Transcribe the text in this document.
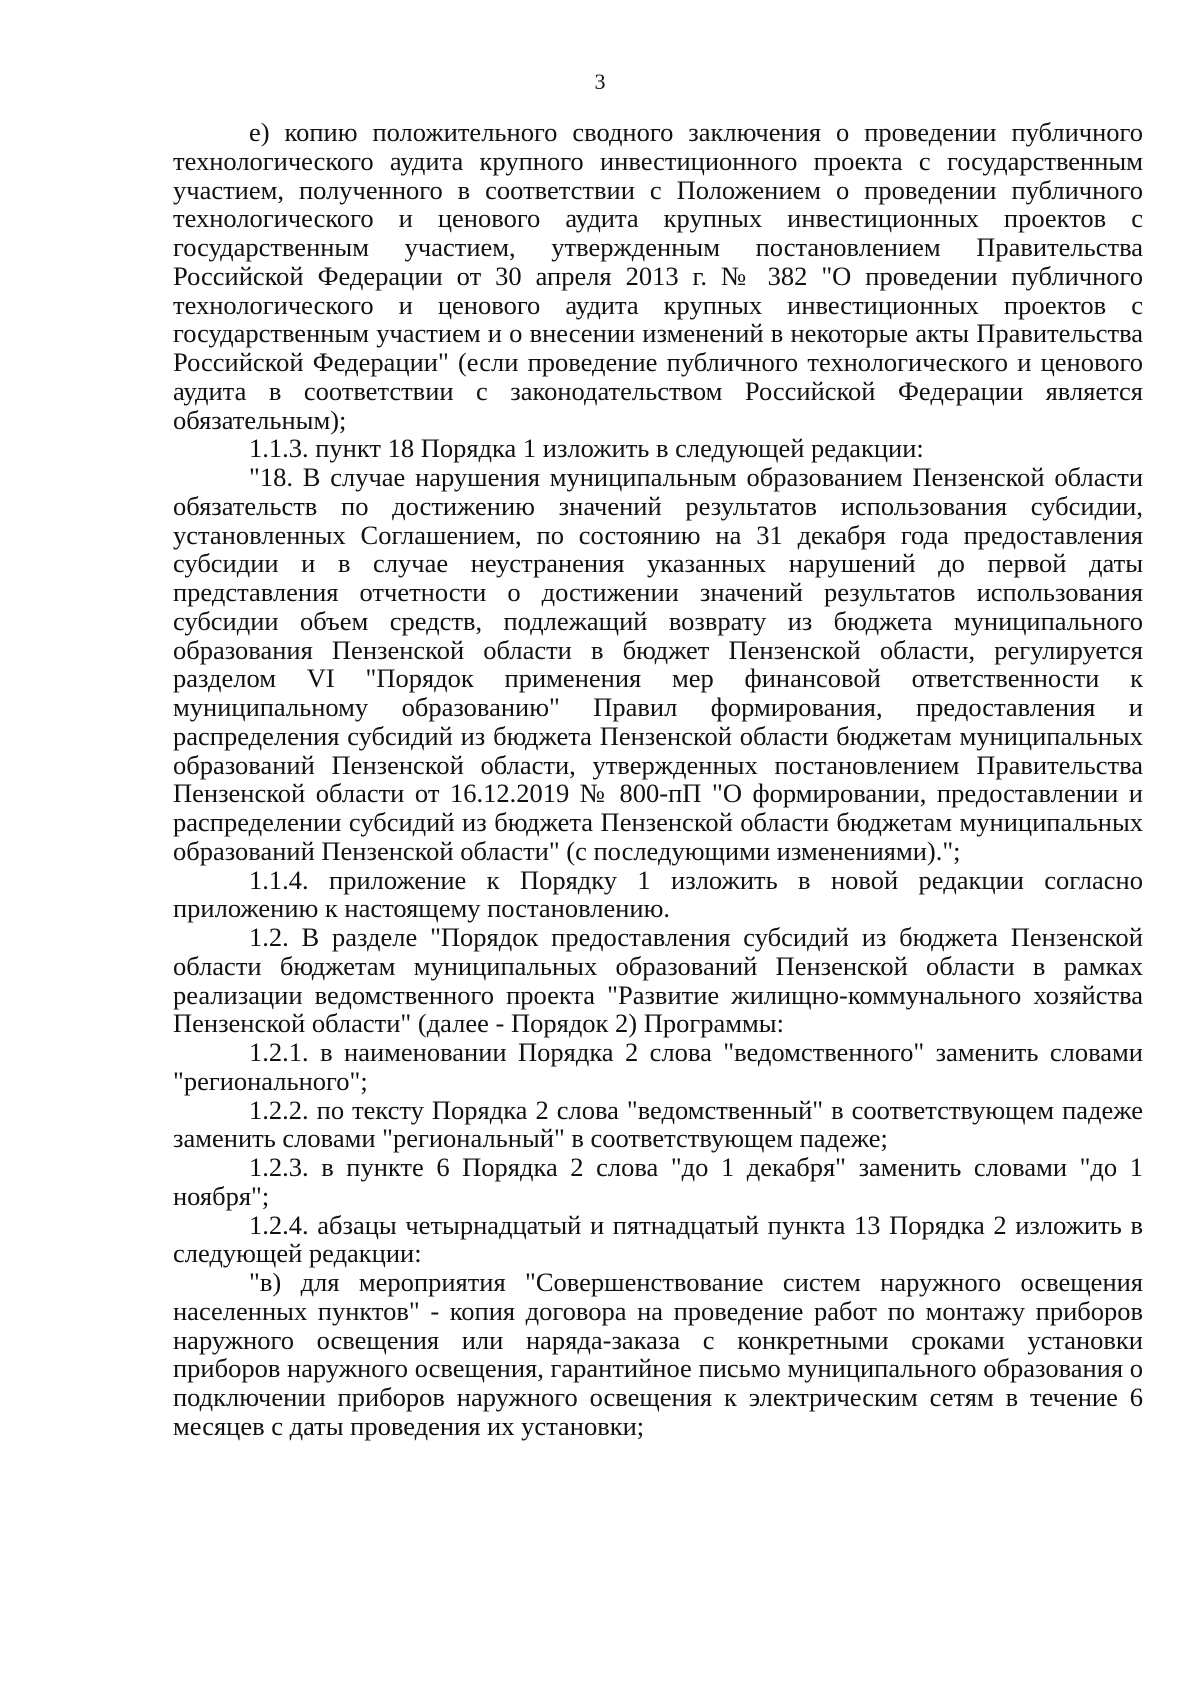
3

е) копию положительного сводного заключения о проведении публичного технологического аудита крупного инвестиционного проекта с государственным участием, полученного в соответствии с Положением о проведении публичного технологического и ценового аудита крупных инвестиционных проектов с государственным участием, утвержденным постановлением Правительства Российской Федерации от 30 апреля 2013 г. № 382 "О проведении публичного технологического и ценового аудита крупных инвестиционных проектов с государственным участием и о внесении изменений в некоторые акты Правительства Российской Федерации" (если проведение публичного технологического и ценового аудита в соответствии с законодательством Российской Федерации является обязательным);

1.1.3. пункт 18 Порядка 1 изложить в следующей редакции:

"18. В случае нарушения муниципальным образованием Пензенской области обязательств по достижению значений результатов использования субсидии, установленных Соглашением, по состоянию на 31 декабря года предоставления субсидии и в случае неустранения указанных нарушений до первой даты представления отчетности о достижении значений результатов использования субсидии объем средств, подлежащий возврату из бюджета муниципального образования Пензенской области в бюджет Пензенской области, регулируется разделом VI "Порядок применения мер финансовой ответственности к муниципальному образованию" Правил формирования, предоставления и распределения субсидий из бюджета Пензенской области бюджетам муниципальных образований Пензенской области, утвержденных постановлением Правительства Пензенской области от 16.12.2019 № 800-пП "О формировании, предоставлении и распределении субсидий из бюджета Пензенской области бюджетам муниципальных образований Пензенской области" (с последующими изменениями).";

1.1.4. приложение к Порядку 1 изложить в новой редакции согласно приложению к настоящему постановлению.

1.2. В разделе "Порядок предоставления субсидий из бюджета Пензенской области бюджетам муниципальных образований Пензенской области в рамках реализации ведомственного проекта "Развитие жилищно-коммунального хозяйства Пензенской области" (далее - Порядок 2) Программы:

1.2.1. в наименовании Порядка 2 слова "ведомственного" заменить словами "регионального";

1.2.2. по тексту Порядка 2 слова "ведомственный" в соответствующем падеже заменить словами "региональный" в соответствующем падеже;

1.2.3. в пункте 6 Порядка 2 слова "до 1 декабря" заменить словами "до 1 ноября";

1.2.4. абзацы четырнадцатый и пятнадцатый пункта 13 Порядка 2 изложить в следующей редакции:

"в) для мероприятия "Совершенствование систем наружного освещения населенных пунктов" - копия договора на проведение работ по монтажу приборов наружного освещения или наряда-заказа с конкретными сроками установки приборов наружного освещения, гарантийное письмо муниципального образования о подключении приборов наружного освещения к электрическим сетям в течение 6 месяцев с даты проведения их установки;
